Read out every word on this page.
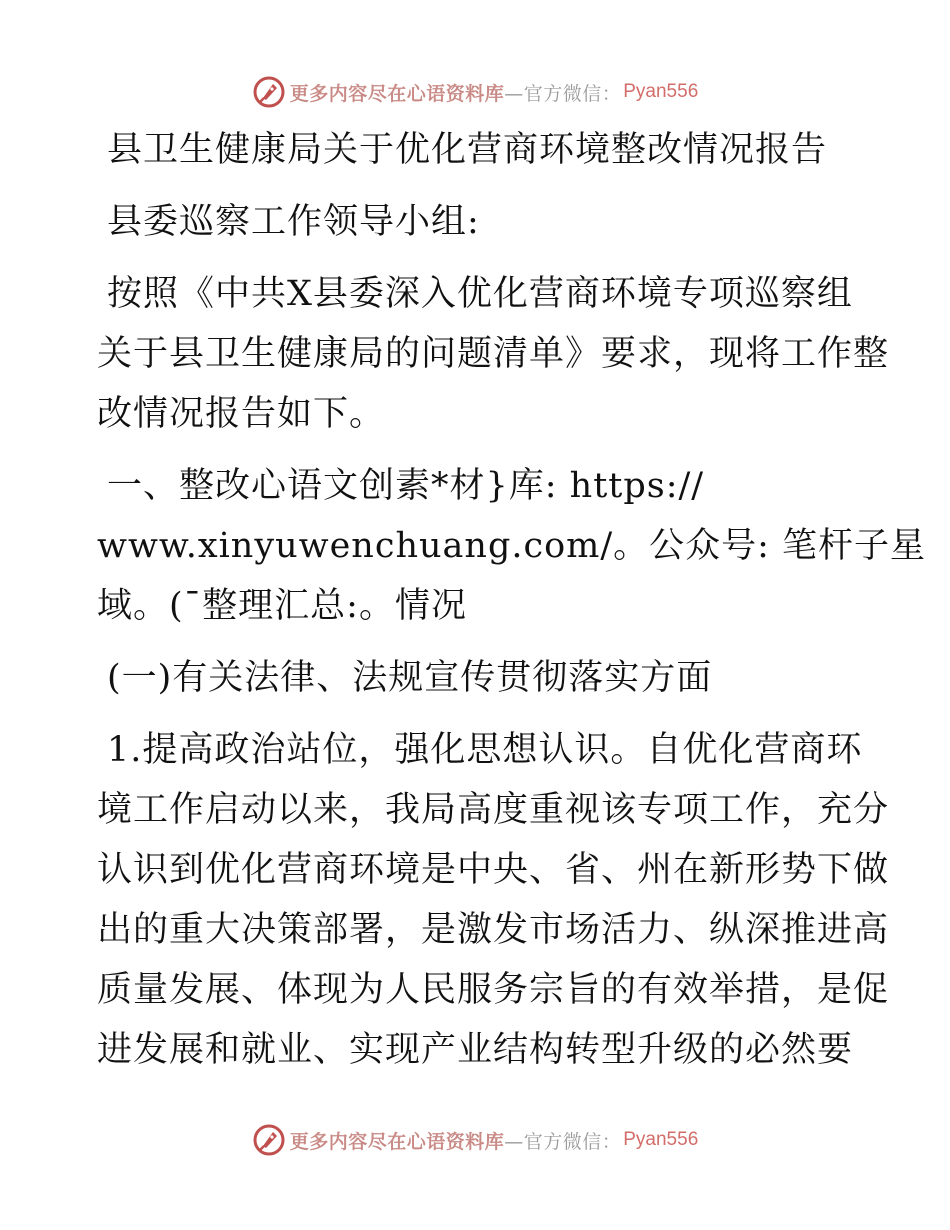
更多内容尽在心语资料库 —官方微信： Pyan556

县卫生健康局关于优化营商环境整改情况报告

县委巡察工作领导小组:

按照《中共X县委深入优化营商环境专项巡察组

关于县卫生健康局的问题清单》要求，现将工作整

改情况报告如下。

一、整改心语文创素*材}库: https://

www.xinyuwenchuang.com/。公众号: 笔杆子星

域。(¯整理汇总:。情况

(一)有关法律、法规宣传贯彻落实方面

1.提高政治站位，强化思想认识。自优化营商环

境工作启动以来，我局高度重视该专项工作，充分

认识到优化营商环境是中央、省、州在新形势下做

出的重大决策部署，是激发市场活力、纵深推进高

质量发展、体现为人民服务宗旨的有效举措，是促

进发展和就业、实现产业结构转型升级的必然要

更多内容尽在心语资料库 —官方微信： Pyan556
